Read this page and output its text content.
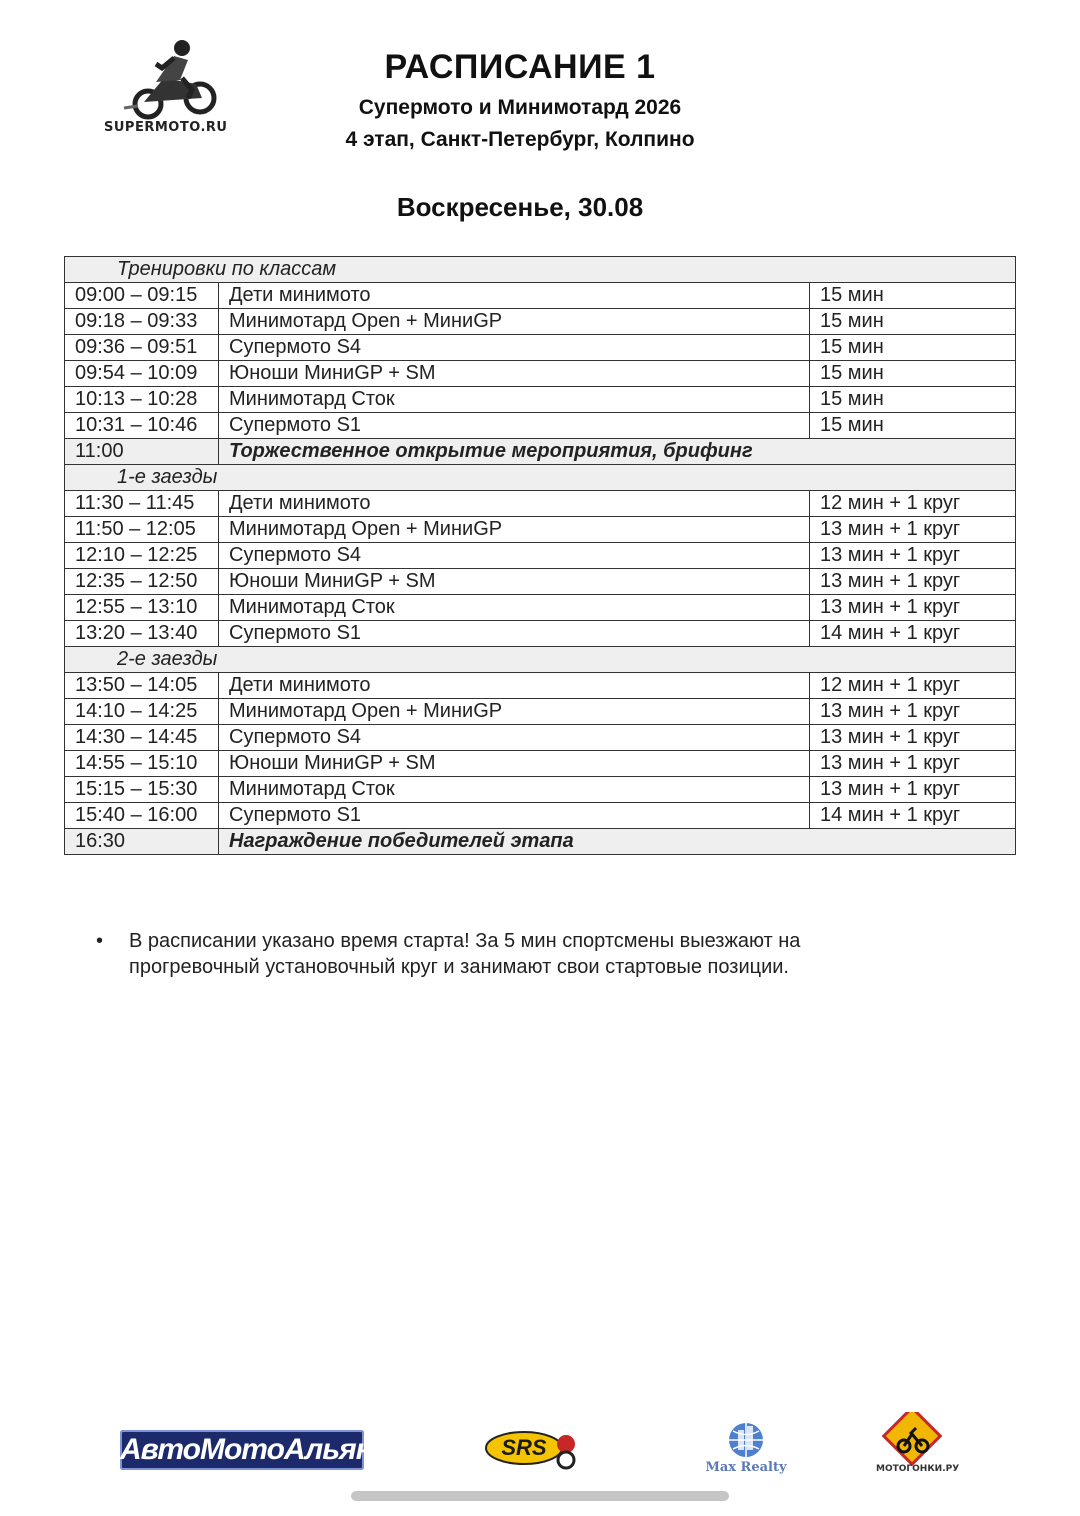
SUPERMOTO.RU
РАСПИСАНИЕ 1
Супермото и Минимотард 2026
4 этап, Санкт-Петербург, Колпино
Воскресенье, 30.08
Тренировки по классам		
09:00 – 09:15	Дети минимото	15 мин
09:18 – 09:33	Минимотард Open + МиниGP	15 мин
09:36 – 09:51	Супермото S4	15 мин
09:54 – 10:09	Юноши МиниGP + SM	15 мин
10:13 – 10:28	Минимотард Сток	15 мин
10:31 – 10:46	Супермото S1	15 мин
11:00	Торжественное открытие мероприятия, брифинг	
1-е заезды		
11:30 – 11:45	Дети минимото	12 мин + 1 круг
11:50 – 12:05	Минимотард Open + МиниGP	13 мин + 1 круг
12:10 – 12:25	Супермото S4	13 мин + 1 круг
12:35 – 12:50	Юноши МиниGP + SM	13 мин + 1 круг
12:55 – 13:10	Минимотард Сток	13 мин + 1 круг
13:20 – 13:40	Супермото S1	14 мин + 1 круг
2-е заезды		
13:50 – 14:05	Дети минимото	12 мин + 1 круг
14:10 – 14:25	Минимотард Open + МиниGP	13 мин + 1 круг
14:30 – 14:45	Супермото S4	13 мин + 1 круг
14:55 – 15:10	Юноши МиниGP + SM	13 мин + 1 круг
15:15 – 15:30	Минимотард Сток	13 мин + 1 круг
15:40 – 16:00	Супермото S1	14 мин + 1 круг
16:30	Награждение победителей этапа	
• В расписании указано время старта! За 5 мин спортсмены выезжают на прогревочный установочный круг и занимают свои стартовые позиции.
АвтоМотоАльянс	SRS
Max Realty	МОТОГОНКИ.РУ
